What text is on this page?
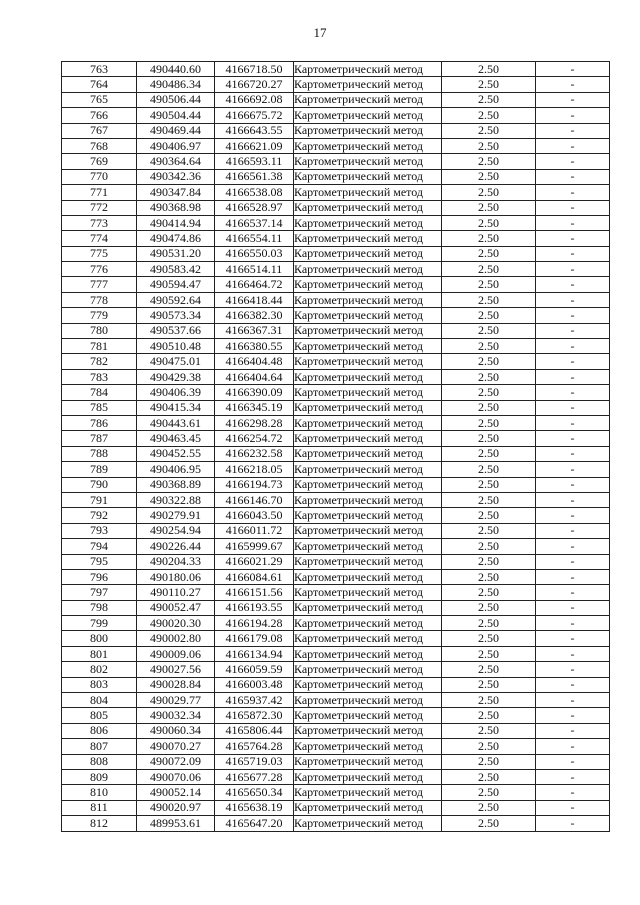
17
763	490440.60	4166718.50	Картометрический метод	2.50	-
764	490486.34	4166720.27	Картометрический метод	2.50	-
765	490506.44	4166692.08	Картометрический метод	2.50	-
766	490504.44	4166675.72	Картометрический метод	2.50	-
767	490469.44	4166643.55	Картометрический метод	2.50	-
768	490406.97	4166621.09	Картометрический метод	2.50	-
769	490364.64	4166593.11	Картометрический метод	2.50	-
770	490342.36	4166561.38	Картометрический метод	2.50	-
771	490347.84	4166538.08	Картометрический метод	2.50	-
772	490368.98	4166528.97	Картометрический метод	2.50	-
773	490414.94	4166537.14	Картометрический метод	2.50	-
774	490474.86	4166554.11	Картометрический метод	2.50	-
775	490531.20	4166550.03	Картометрический метод	2.50	-
776	490583.42	4166514.11	Картометрический метод	2.50	-
777	490594.47	4166464.72	Картометрический метод	2.50	-
778	490592.64	4166418.44	Картометрический метод	2.50	-
779	490573.34	4166382.30	Картометрический метод	2.50	-
780	490537.66	4166367.31	Картометрический метод	2.50	-
781	490510.48	4166380.55	Картометрический метод	2.50	-
782	490475.01	4166404.48	Картометрический метод	2.50	-
783	490429.38	4166404.64	Картометрический метод	2.50	-
784	490406.39	4166390.09	Картометрический метод	2.50	-
785	490415.34	4166345.19	Картометрический метод	2.50	-
786	490443.61	4166298.28	Картометрический метод	2.50	-
787	490463.45	4166254.72	Картометрический метод	2.50	-
788	490452.55	4166232.58	Картометрический метод	2.50	-
789	490406.95	4166218.05	Картометрический метод	2.50	-
790	490368.89	4166194.73	Картометрический метод	2.50	-
791	490322.88	4166146.70	Картометрический метод	2.50	-
792	490279.91	4166043.50	Картометрический метод	2.50	-
793	490254.94	4166011.72	Картометрический метод	2.50	-
794	490226.44	4165999.67	Картометрический метод	2.50	-
795	490204.33	4166021.29	Картометрический метод	2.50	-
796	490180.06	4166084.61	Картометрический метод	2.50	-
797	490110.27	4166151.56	Картометрический метод	2.50	-
798	490052.47	4166193.55	Картометрический метод	2.50	-
799	490020.30	4166194.28	Картометрический метод	2.50	-
800	490002.80	4166179.08	Картометрический метод	2.50	-
801	490009.06	4166134.94	Картометрический метод	2.50	-
802	490027.56	4166059.59	Картометрический метод	2.50	-
803	490028.84	4166003.48	Картометрический метод	2.50	-
804	490029.77	4165937.42	Картометрический метод	2.50	-
805	490032.34	4165872.30	Картометрический метод	2.50	-
806	490060.34	4165806.44	Картометрический метод	2.50	-
807	490070.27	4165764.28	Картометрический метод	2.50	-
808	490072.09	4165719.03	Картометрический метод	2.50	-
809	490070.06	4165677.28	Картометрический метод	2.50	-
810	490052.14	4165650.34	Картометрический метод	2.50	-
811	490020.97	4165638.19	Картометрический метод	2.50	-
812	489953.61	4165647.20	Картометрический метод	2.50	-
